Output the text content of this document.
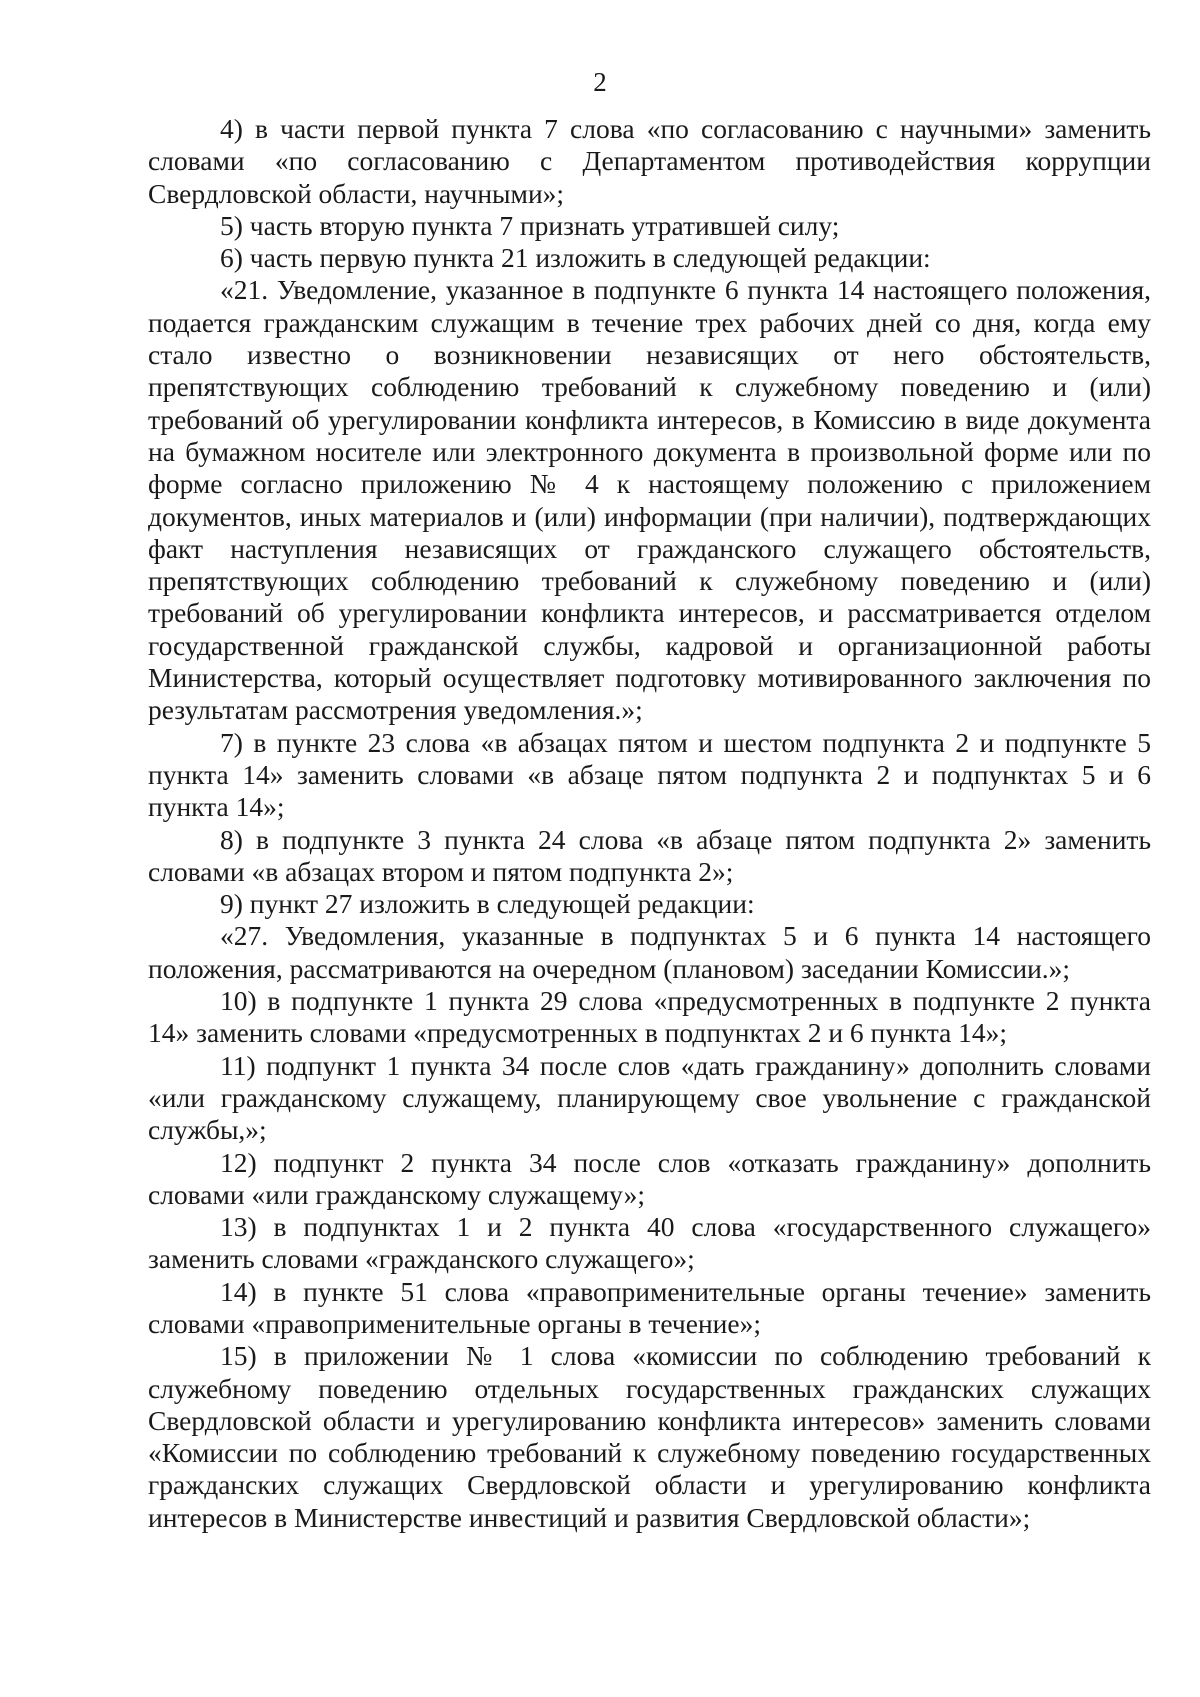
2

4) в части первой пункта 7 слова «по согласованию с научными» заменить словами «по согласованию с Департаментом противодействия коррупции Свердловской области, научными»;

5) часть вторую пункта 7 признать утратившей силу;

6) часть первую пункта 21 изложить в следующей редакции:

«21. Уведомление, указанное в подпункте 6 пункта 14 настоящего положения, подается гражданским служащим в течение трех рабочих дней со дня, когда ему стало известно о возникновении независящих от него обстоятельств, препятствующих соблюдению требований к служебному поведению и (или) требований об урегулировании конфликта интересов, в Комиссию в виде документа на бумажном носителе или электронного документа в произвольной форме или по форме согласно приложению № 4 к настоящему положению с приложением документов, иных материалов и (или) информации (при наличии), подтверждающих факт наступления независящих от гражданского служащего обстоятельств, препятствующих соблюдению требований к служебному поведению и (или) требований об урегулировании конфликта интересов, и рассматривается отделом государственной гражданской службы, кадровой и организационной работы Министерства, который осуществляет подготовку мотивированного заключения по результатам рассмотрения уведомления.»;

7) в пункте 23 слова «в абзацах пятом и шестом подпункта 2 и подпункте 5 пункта 14» заменить словами «в абзаце пятом подпункта 2 и подпунктах 5 и 6 пункта 14»;

8) в подпункте 3 пункта 24 слова «в абзаце пятом подпункта 2» заменить словами «в абзацах втором и пятом подпункта 2»;

9) пункт 27 изложить в следующей редакции:

«27. Уведомления, указанные в подпунктах 5 и 6 пункта 14 настоящего положения, рассматриваются на очередном (плановом) заседании Комиссии.»;

10) в подпункте 1 пункта 29 слова «предусмотренных в подпункте 2 пункта 14» заменить словами «предусмотренных в подпунктах 2 и 6 пункта 14»;

11) подпункт 1 пункта 34 после слов «дать гражданину» дополнить словами «или гражданскому служащему, планирующему свое увольнение с гражданской службы,»;

12) подпункт 2 пункта 34 после слов «отказать гражданину» дополнить словами «или гражданскому служащему»;

13) в подпунктах 1 и 2 пункта 40 слова «государственного служащего» заменить словами «гражданского служащего»;

14) в пункте 51 слова «правоприменительные органы течение» заменить словами «правоприменительные органы в течение»;

15) в приложении № 1 слова «комиссии по соблюдению требований к служебному поведению отдельных государственных гражданских служащих Свердловской области и урегулированию конфликта интересов» заменить словами «Комиссии по соблюдению требований к служебному поведению государственных гражданских служащих Свердловской области и урегулированию конфликта интересов в Министерстве инвестиций и развития Свердловской области»;
